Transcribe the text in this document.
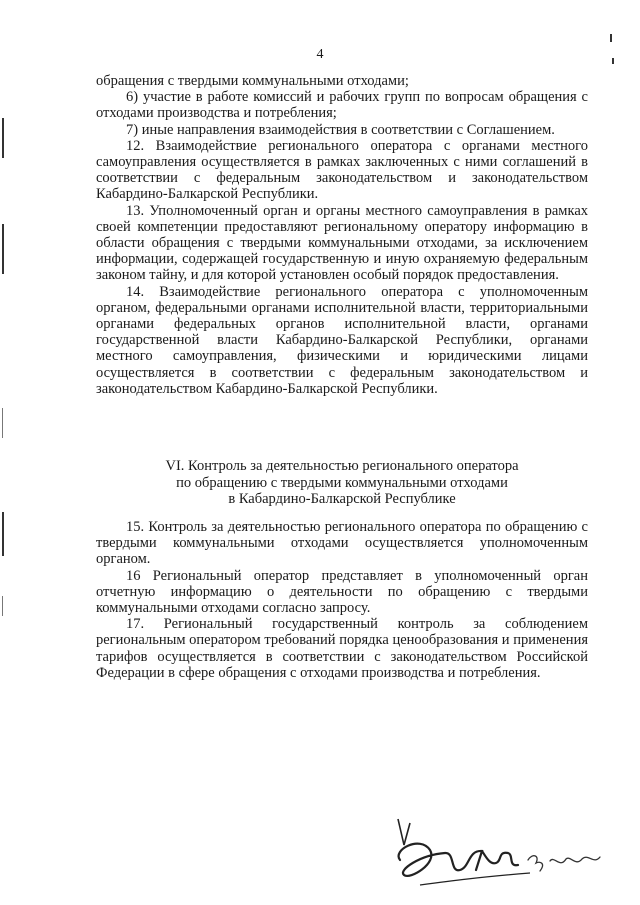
4

обращения с твердыми коммунальными отходами;

6) участие в работе комиссий и рабочих групп по вопросам обращения с отходами производства и потребления;

7) иные направления взаимодействия в соответствии с Соглашением.

12. Взаимодействие регионального оператора с органами местного самоуправления осуществляется в рамках заключенных с ними соглашений в соответствии с федеральным законодательством и законодательством Кабардино-Балкарской Республики.

13. Уполномоченный орган и органы местного самоуправления в рамках своей компетенции предоставляют региональному оператору информацию в области обращения с твердыми коммунальными отходами, за исключением информации, содержащей государственную и иную охраняемую федеральным законом тайну, и для которой установлен особый порядок предоставления.

14. Взаимодействие регионального оператора с уполномоченным органом, федеральными органами исполнительной власти, территориальными органами федеральных органов исполнительной власти, органами государственной власти Кабардино-Балкарской Республики, органами местного самоуправления, физическими и юридическими лицами осуществляется в соответствии с федеральным законодательством и законодательством Кабардино-Балкарской Республики.

VI. Контроль за деятельностью регионального оператора
по обращению с твердыми коммунальными отходами
в Кабардино-Балкарской Республике

15. Контроль за деятельностью регионального оператора по обращению с твердыми коммунальными отходами осуществляется уполномоченным органом.

16 Региональный оператор представляет в уполномоченный орган отчетную информацию о деятельности по обращению с твердыми коммунальными отходами согласно запросу.

17. Региональный государственный контроль за соблюдением региональным оператором требований порядка ценообразования и применения тарифов осуществляется в соответствии с законодательством Российской Федерации в сфере обращения с отходами производства и потребления.
